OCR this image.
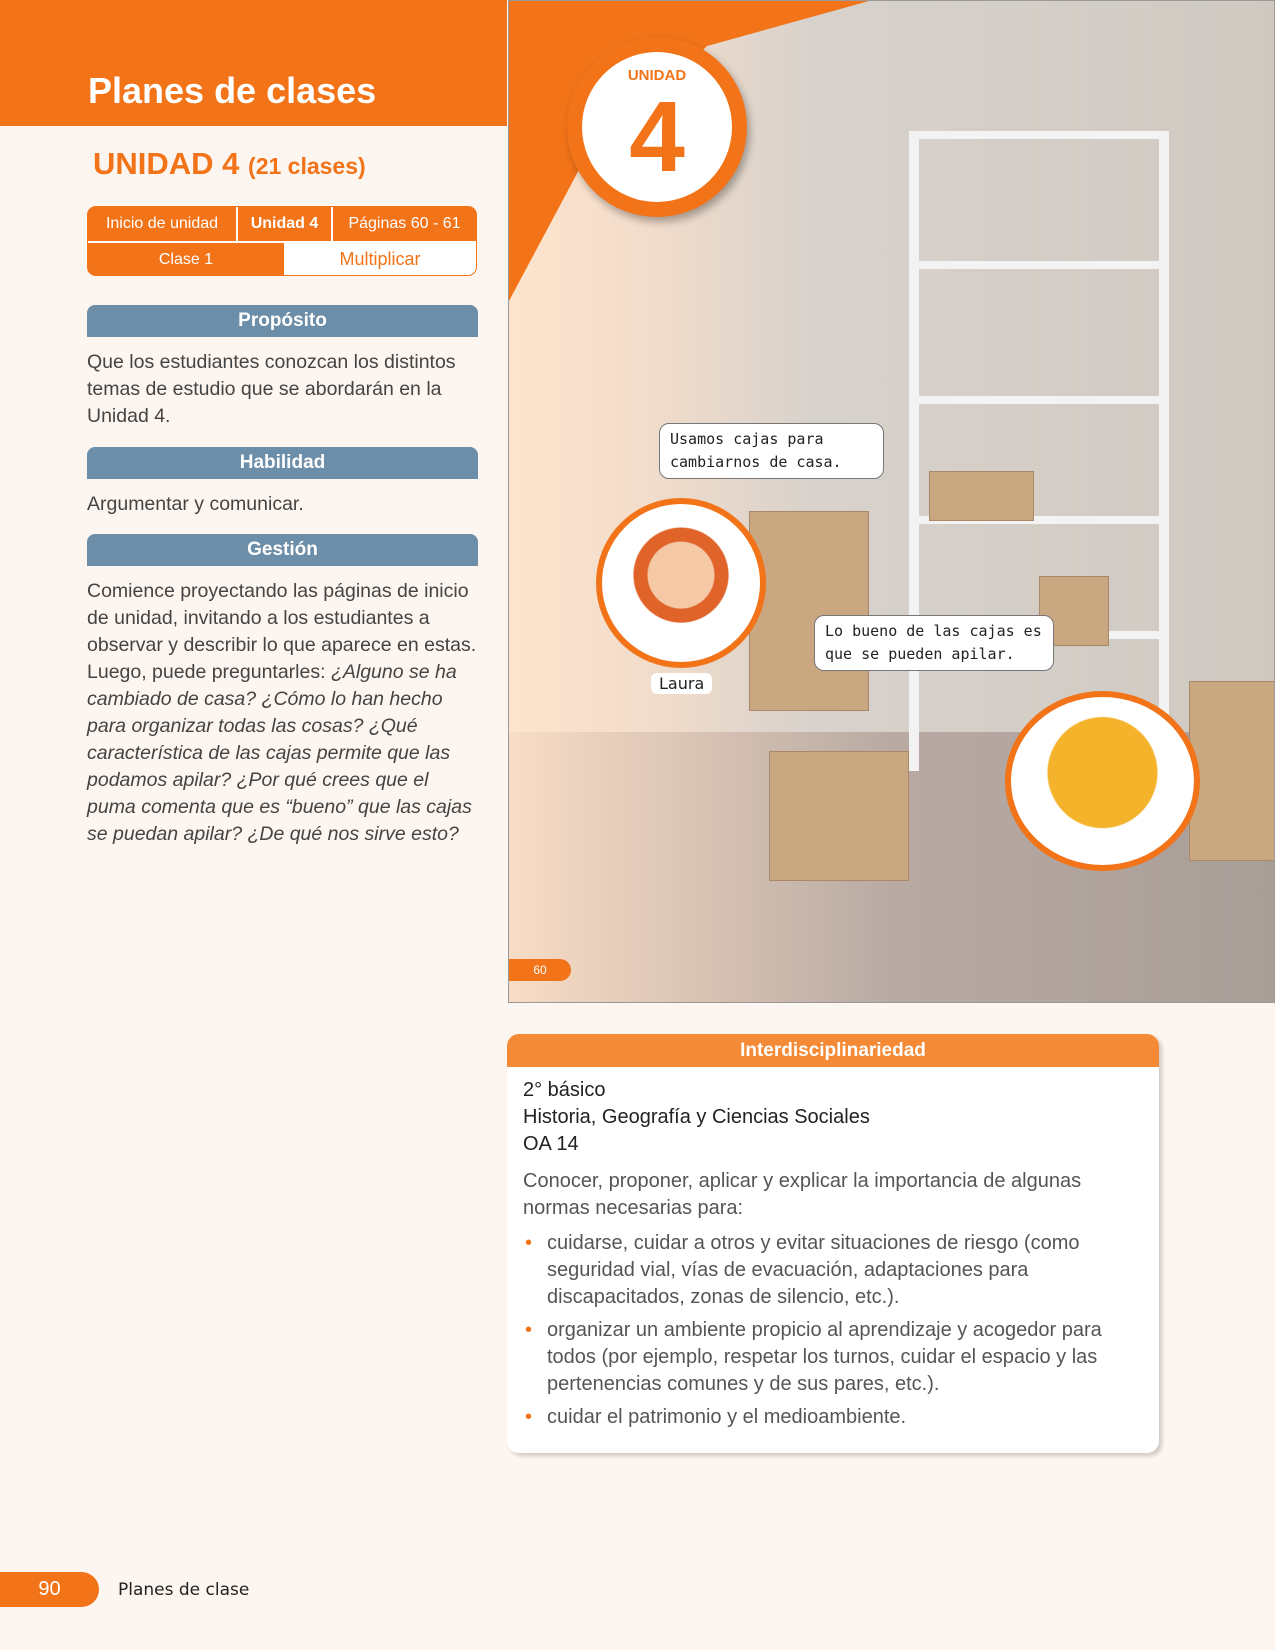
Planes de clases
UNIDAD 4 (21 clases)
Inicio de unidad	Unidad 4	Páginas 60 - 61
Clase 1	Multiplicar
Propósito
Que los estudiantes conozcan los distintos temas de estudio que se abordarán en la Unidad 4.
Habilidad
Argumentar y comunicar.
Gestión
Comience proyectando las páginas de inicio de unidad, invitando a los estudiantes a observar y describir lo que aparece en estas. Luego, puede preguntarles: ¿Alguno se ha cambiado de casa? ¿Cómo lo han hecho para organizar todas las cosas? ¿Qué característica de las cajas permite que las podamos apilar? ¿Por qué crees que el puma comenta que es “bueno” que las cajas se puedan apilar? ¿De qué nos sirve esto?
UNIDAD
4
Usamos cajas para cambiarnos de casa.
Laura
Lo bueno de las cajas es que se pueden apilar.
60
Interdisciplinariedad
2° básico
Historia, Geografía y Ciencias Sociales
OA 14
Conocer, proponer, aplicar y explicar la importancia de algunas normas necesarias para:
• cuidarse, cuidar a otros y evitar situaciones de riesgo (como seguridad vial, vías de evacuación, adaptaciones para discapacitados, zonas de silencio, etc.).
• organizar un ambiente propicio al aprendizaje y acogedor para todos (por ejemplo, respetar los turnos, cuidar el espacio y las pertenencias comunes y de sus pares, etc.).
• cuidar el patrimonio y el medioambiente.
90	Planes de clase
